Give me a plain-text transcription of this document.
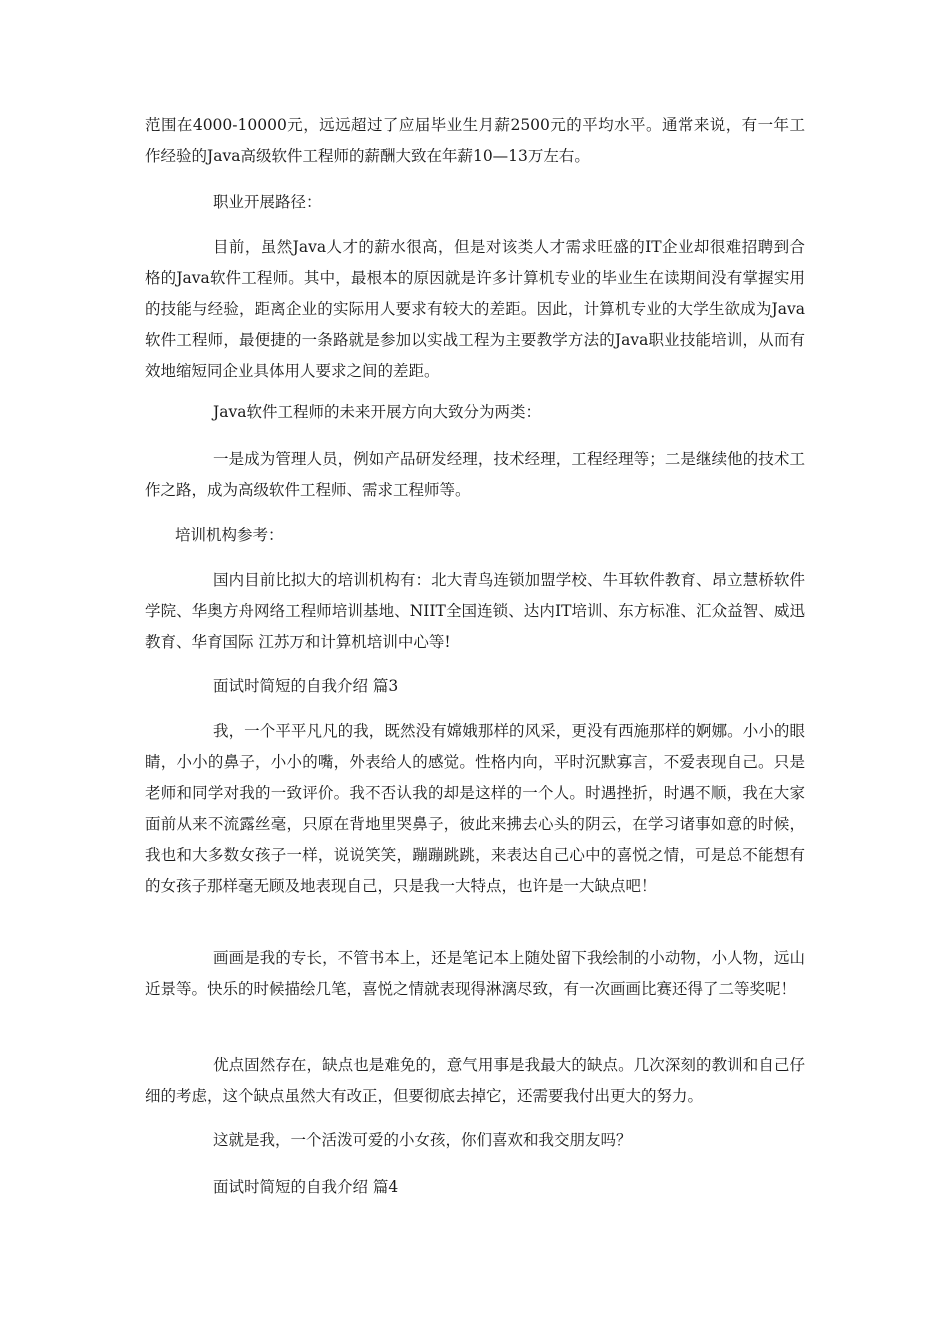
范围在4000-10000元，远远超过了应届毕业生月薪2500元的平均水平。通常来说，有一年工作经验的Java高级软件工程师的薪酬大致在年薪10—13万左右。

职业开展路径：

目前，虽然Java人才的薪水很高，但是对该类人才需求旺盛的IT企业却很难招聘到合格的Java软件工程师。其中，最根本的原因就是许多计算机专业的毕业生在读期间没有掌握实用的技能与经验，距离企业的实际用人要求有较大的差距。因此，计算机专业的大学生欲成为Java软件工程师，最便捷的一条路就是参加以实战工程为主要教学方法的Java职业技能培训，从而有效地缩短同企业具体用人要求之间的差距。

Java软件工程师的未来开展方向大致分为两类：

一是成为管理人员，例如产品研发经理，技术经理，工程经理等；二是继续他的技术工作之路，成为高级软件工程师、需求工程师等。

培训机构参考：

国内目前比拟大的培训机构有：北大青鸟连锁加盟学校、牛耳软件教育、昂立慧桥软件学院、华奥方舟网络工程师培训基地、NIIT全国连锁、达内IT培训、东方标准、汇众益智、威迅教育、华育国际 江苏万和计算机培训中心等!

面试时简短的自我介绍 篇3

我，一个平平凡凡的我，既然没有嫦娥那样的风采，更没有西施那样的婀娜。小小的眼睛，小小的鼻子，小小的嘴，外表给人的感觉。性格内向，平时沉默寡言，不爱表现自己。只是老师和同学对我的一致评价。我不否认我的却是这样的一个人。时遇挫折，时遇不顺，我在大家面前从来不流露丝毫，只原在背地里哭鼻子，彼此来拂去心头的阴云，在学习诸事如意的时候，我也和大多数女孩子一样，说说笑笑，蹦蹦跳跳，来表达自己心中的喜悦之情，可是总不能想有的女孩子那样毫无顾及地表现自己，只是我一大特点，也许是一大缺点吧！

画画是我的专长，不管书本上，还是笔记本上随处留下我绘制的小动物，小人物，远山近景等。快乐的时候描绘几笔，喜悦之情就表现得淋漓尽致，有一次画画比赛还得了二等奖呢！

优点固然存在，缺点也是难免的，意气用事是我最大的缺点。几次深刻的教训和自己仔细的考虑，这个缺点虽然大有改正，但要彻底去掉它，还需要我付出更大的努力。

这就是我，一个活泼可爱的小女孩，你们喜欢和我交朋友吗？

面试时简短的自我介绍 篇4
